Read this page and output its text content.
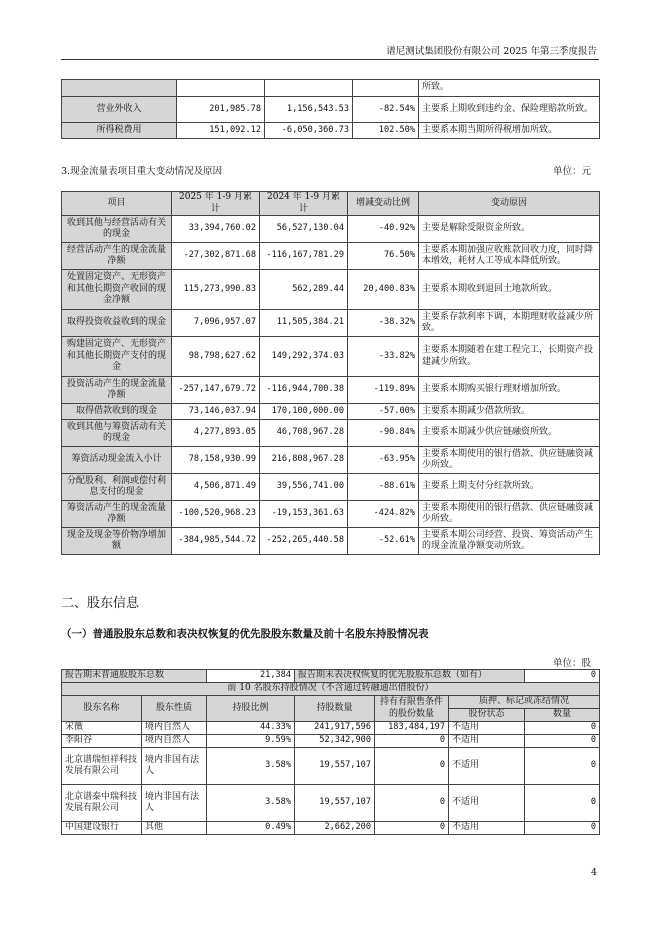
谱尼测试集团股份有限公司 2025 年第三季度报告
				所致。
营业外收入	201,985.78	1,156,543.53	-82.54%	主要系上期收到违约金、保险理赔款所致。
所得税费用	151,092.12	-6,050,360.73	102.50%	主要系本期当期所得税增加所致。
3.现金流量表项目重大变动情况及原因	单位：元
项目	2025 年 1-9 月累计	2024 年 1-9 月累计	增减变动比例	变动原因
收到其他与经营活动有关的现金	33,394,760.02	56,527,130.04	-40.92%	主要是解除受限资金所致。
经营活动产生的现金流量净额	-27,302,871.68	-116,167,781.29	76.50%	主要系本期加强应收账款回收力度，同时降本增效，耗材人工等成本降低所致。
处置固定资产、无形资产和其他长期资产收回的现金净额	115,273,990.83	562,289.44	20,400.83%	主要系本期收到退回土地款所致。
取得投资收益收到的现金	7,096,957.07	11,505,384.21	-38.32%	主要系存款利率下调，本期理财收益减少所致。
购建固定资产、无形资产和其他长期资产支付的现金	98,798,627.62	149,292,374.03	-33.82%	主要系本期随着在建工程完工，长期资产投建减少所致。
投资活动产生的现金流量净额	-257,147,679.72	-116,944,700.38	-119.89%	主要系本期购买银行理财增加所致。
取得借款收到的现金	73,146,037.94	170,100,000.00	-57.00%	主要系本期减少借款所致。
收到其他与筹资活动有关的现金	4,277,893.05	46,708,967.28	-90.84%	主要系本期减少供应链融资所致。
筹资活动现金流入小计	78,158,930.99	216,808,967.28	-63.95%	主要系本期使用的银行借款、供应链融资减少所致。
分配股利、利润或偿付利息支付的现金	4,506,871.49	39,556,741.00	-88.61%	主要系上期支付分红款所致。
筹资活动产生的现金流量净额	-100,520,968.23	-19,153,361.63	-424.82%	主要系本期使用的银行借款、供应链融资减少所致。
现金及现金等价物净增加额	-384,985,544.72	-252,265,440.58	-52.61%	主要系本期公司经营、投资、筹资活动产生的现金流量净额变动所致。
二、股东信息
（一）普通股股东总数和表决权恢复的优先股股东数量及前十名股东持股情况表
单位：股
报告期末普通股股东总数		21,384	报告期末表决权恢复的优先股股东总数（如有）			0
前 10 名股东持股情况（不含通过转融通出借股份）						
股东名称	股东性质	持股比例	持股数量	持有有限售条件的股份数量	质押、标记或冻结情况	
					股份状态	数量
宋薇	境内自然人	44.33%	241,917,596	183,484,197	不适用	0
李阳谷	境内自然人	9.59%	52,342,900	0	不适用	0
北京谱瑞恒祥科技发展有限公司	境内非国有法人	3.58%	19,557,107	0	不适用	0
北京谱泰中瑞科技发展有限公司	境内非国有法人	3.58%	19,557,107	0	不适用	0
中国建设银行	其他	0.49%	2,662,200	0	不适用	0
4
